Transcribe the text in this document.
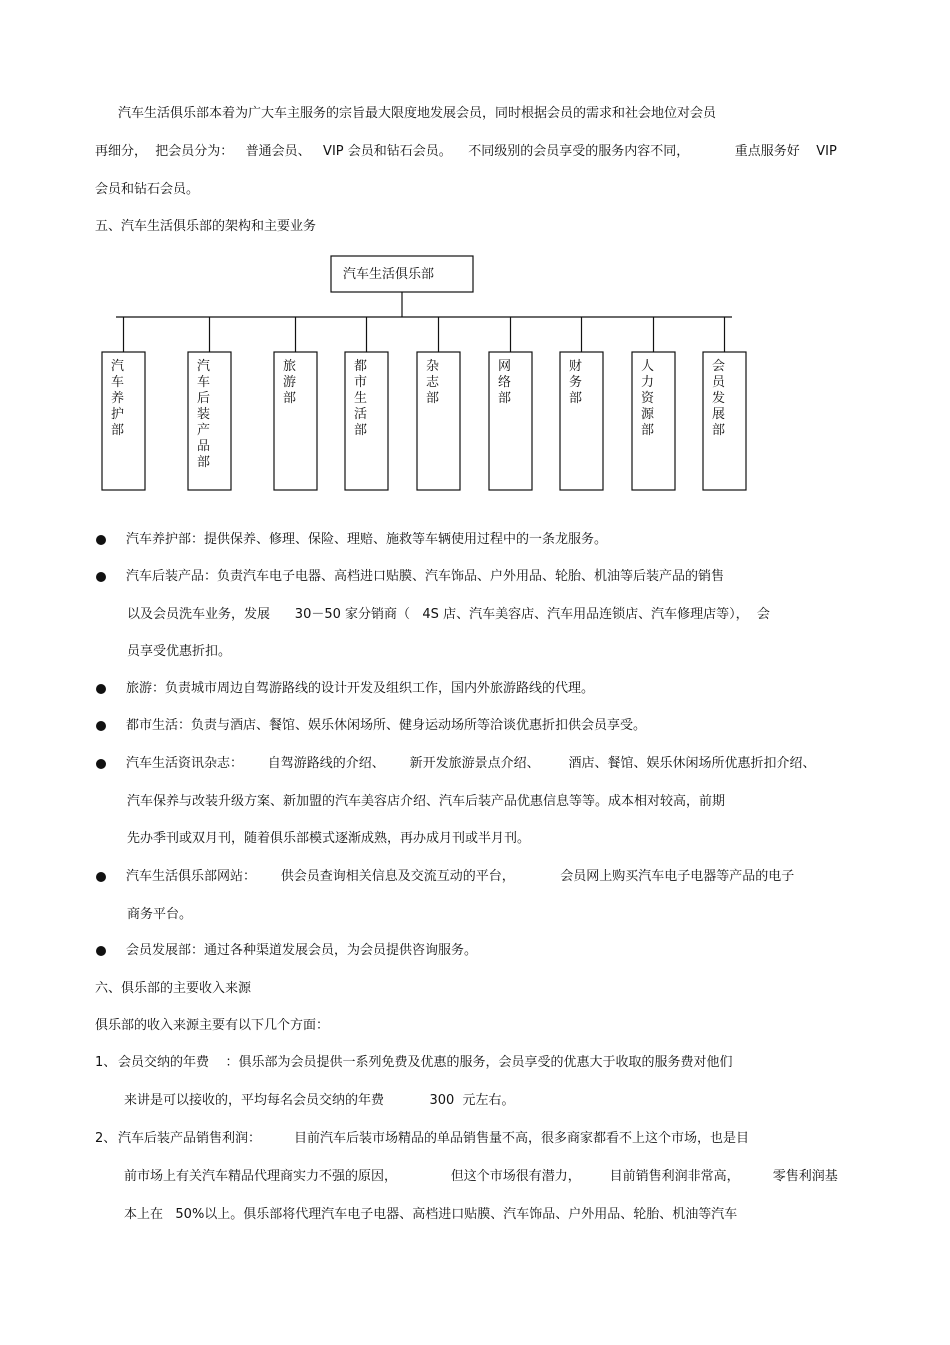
汽车生活俱乐部本着为广大车主服务的宗旨最大限度地发展会员，同时根据会员的需求和社会地位对会员
再细分，  把会员分为：   普通会员、   VIP 会员和钻石会员。    不同级别的会员享受的服务内容不同，           重点服务好    VIP
会员和钻石会员。
五、汽车生活俱乐部的架构和主要业务
汽车生活俱乐部
汽车养护部
汽车后装产品部
旅游部
都市生活部
杂志部
网络部
财务部
人力资源部
会员发展部
汽车养护部：提供保养、修理、保险、理赔、施救等车辆使用过程中的一条龙服务。
汽车后装产品：负责汽车电子电器、高档进口贴膜、汽车饰品、户外用品、轮胎、机油等后装产品的销售
以及会员洗车业务，发展      30－50 家分销商（   4S 店、汽车美容店、汽车用品连锁店、汽车修理店等），  会
员享受优惠折扣。
旅游：负责城市周边自驾游路线的设计开发及组织工作，国内外旅游路线的代理。
都市生活：负责与酒店、餐馆、娱乐休闲场所、健身运动场所等洽谈优惠折扣供会员享受。
汽车生活资讯杂志：      自驾游路线的介绍、      新开发旅游景点介绍、       酒店、餐馆、娱乐休闲场所优惠折扣介绍、
汽车保养与改装升级方案、新加盟的汽车美容店介绍、汽车后装产品优惠信息等等。成本相对较高，前期
先办季刊或双月刊，随着俱乐部模式逐渐成熟，再办成月刊或半月刊。
汽车生活俱乐部网站：      供会员查询相关信息及交流互动的平台，           会员网上购买汽车电子电器等产品的电子
商务平台。
会员发展部：通过各种渠道发展会员，为会员提供咨询服务。
六、俱乐部的主要收入来源
俱乐部的收入来源主要有以下几个方面：
1、 会员交纳的年费    ：俱乐部为会员提供一系列免费及优惠的服务，会员享受的优惠大于收取的服务费对他们
来讲是可以接收的，平均每名会员交纳的年费           300  元左右。
2、 汽车后装产品销售利润：        目前汽车后装市场精品的单品销售量不高，很多商家都看不上这个市场，也是目
前市场上有关汽车精品代理商实力不强的原因，             但这个市场很有潜力，       目前销售利润非常高，        零售利润基
本上在   50%以上。俱乐部将代理汽车电子电器、高档进口贴膜、汽车饰品、户外用品、轮胎、机油等汽车
